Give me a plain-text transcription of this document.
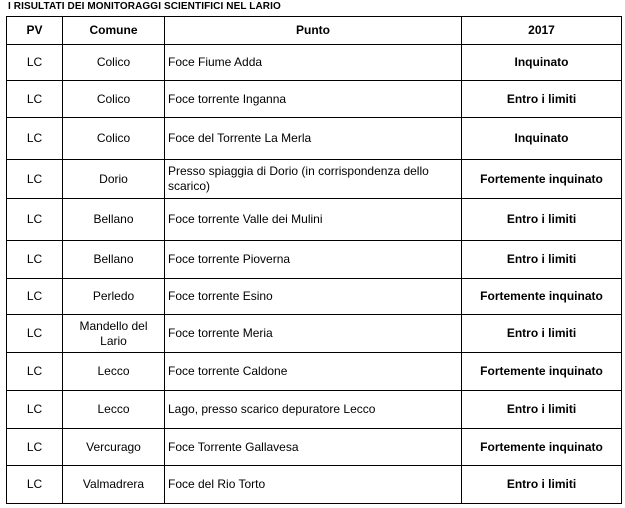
I RISULTATI DEI MONITORAGGI SCIENTIFICI NEL LARIO
PV	Comune	Punto	2017
LC	Colico	Foce Fiume Adda	Inquinato
LC	Colico	Foce torrente Inganna	Entro i limiti
LC	Colico	Foce del Torrente La Merla	Inquinato
LC	Dorio	Presso spiaggia di Dorio (in corrispondenza dello scarico)	Fortemente inquinato
LC	Bellano	Foce torrente Valle dei Mulini	Entro i limiti
LC	Bellano	Foce torrente Pioverna	Entro i limiti
LC	Perledo	Foce torrente Esino	Fortemente inquinato
LC	Mandello del Lario	Foce torrente Meria	Entro i limiti
LC	Lecco	Foce torrente Caldone	Fortemente inquinato
LC	Lecco	Lago, presso scarico depuratore Lecco	Entro i limiti
LC	Vercurago	Foce Torrente Gallavesa	Fortemente inquinato
LC	Valmadrera	Foce del Rio Torto	Entro i limiti
